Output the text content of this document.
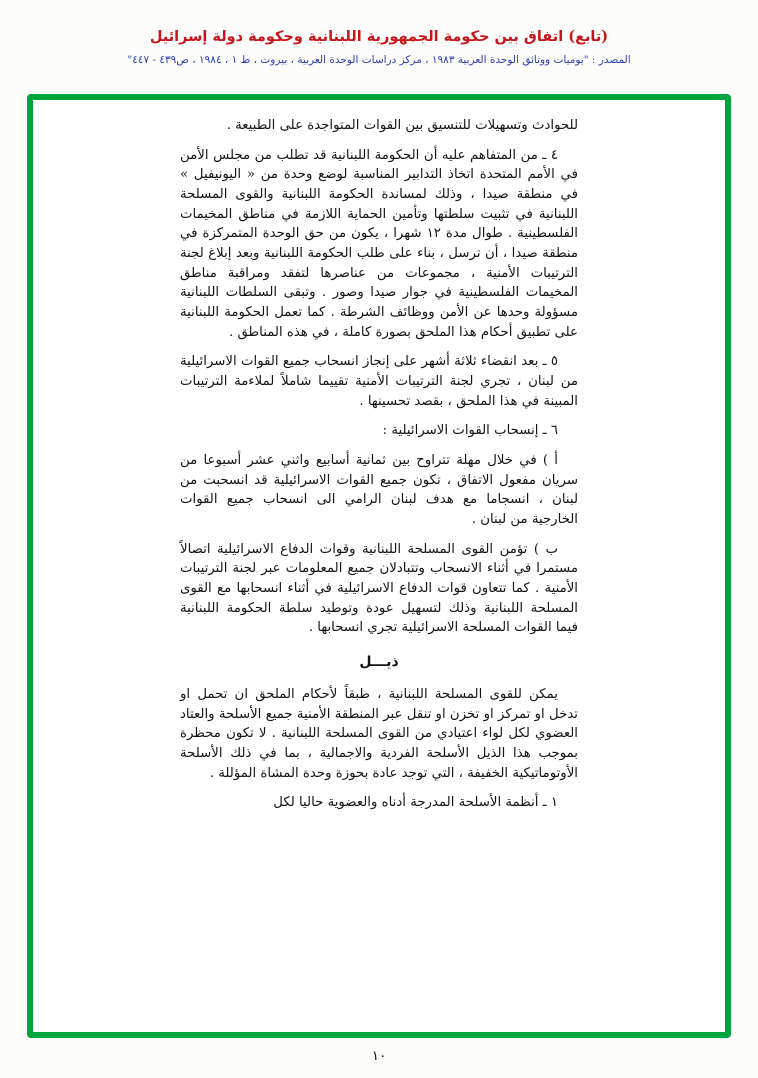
(تابع) اتفاق بين حكومة الجمهورية اللبنانية وحكومة دولة إسرائيل
المصدر : "يوميات ووثائق الوحدة العربية ١٩٨٣ ، مركز دراسات الوحدة العربية ، بيروت ، ط ١ ، ١٩٨٤ ، ص٤٣٩ - ٤٤٧"

للحوادث وتسهيلات للتنسيق بين القوات المتواجدة على الطبيعة .

٤ ـ من المتفاهم عليه أن الحكومة اللبنانية قد تطلب من مجلس الأمن في الأمم المتحدة اتخاذ التدابير المناسبة لوضع وحدة من « اليونيفيل » في منطقة صيدا ، وذلك لمساندة الحكومة اللبنانية والقوى المسلحة اللبنانية في تثبيت سلطتها وتأمين الحماية اللازمة في مناطق المخيمات الفلسطينية . طوال مدة ١٢ شهرا ، يكون من حق الوحدة المتمركزة في منطقة صيدا ، أن ترسل ، بناء على طلب الحكومة اللبنانية وبعد إبلاغ لجنة الترتيبات الأمنية ، مجموعات من عناصرها لتفقد ومراقبة مناطق المخيمات الفلسطينية في جوار صيدا وصور . وتبقى السلطات اللبنانية مسؤولة وحدها عن الأمن ووظائف الشرطة . كما تعمل الحكومة اللبنانية على تطبيق أحكام هذا الملحق بصورة كاملة ، في هذه المناطق .

٥ ـ بعد انقضاء ثلاثة أشهر على إنجاز انسحاب جميع القوات الاسرائيلية من لبنان ، تجري لجنة الترتيبات الأمنية تقييما شاملاً لملاءمة الترتيبات المبينة في هذا الملحق ، بقصد تحسينها .

٦ ـ إنسحاب القوات الاسرائيلية :

أ ) في خلال مهلة تتراوح بين ثمانية أسابيع واثني عشر أسبوعا من سريان مفعول الاتفاق ، تكون جميع القوات الاسرائيلية قد انسحبت من لبنان ، انسجاما مع هدف لبنان الرامي الى انسحاب جميع القوات الخارجية من لبنان .

ب ) تؤمن القوى المسلحة اللبنانية وقوات الدفاع الاسرائيلية اتصالاً مستمرا في أثناء الانسحاب وتتبادلان جميع المعلومات عبر لجنة الترتيبات الأمنية . كما تتعاون قوات الدفاع الاسرائيلية في أثناء انسحابها مع القوى المسلحة اللبنانية وذلك لتسهيل عودة وتوطيد سلطة الحكومة اللبنانية فيما القوات المسلحة الاسرائيلية تجري انسحابها .

ذيـــل

يمكن للقوى المسلحة اللبنانية ، طبقاً لأحكام الملحق ان تحمل او تدخل او تمركز او تخزن او تنقل عبر المنطقة الأمنية جميع الأسلحة والعتاد العضوي لكل لواء اعتيادي من القوى المسلحة اللبنانية . لا تكون محظرة بموجب هذا الذيل الأسلحة الفردية والاجمالية ، بما في ذلك الأسلحة الأوتوماتيكية الخفيفة ، التي توجد عادة بحوزة وحدة المشاة المؤللة .

١ ـ أنظمة الأسلحة المدرجة أدناه والعضوية حاليا لكل

١٠
